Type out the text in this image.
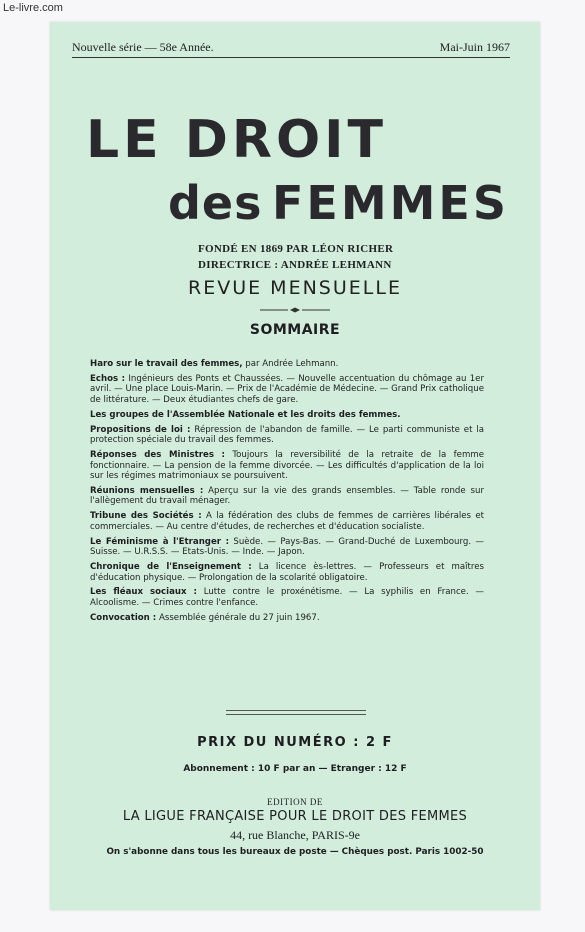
Le-livre.com
Nouvelle série — 58e Année.	Mai-Juin 1967
LE DROIT
des FEMMES
FONDÉ EN 1869 PAR LÉON RICHER
DIRECTRICE : ANDRÉE LEHMANN
REVUE MENSUELLE
SOMMAIRE
Haro sur le travail des femmes, par Andrée Lehmann.
Echos : Ingénieurs des Ponts et Chaussées. — Nouvelle accentuation du chômage au 1er avril. — Une place Louis-Marin. — Prix de l'Académie de Médecine. — Grand Prix catholique de littérature. — Deux étudiantes chefs de gare.
Les groupes de l'Assemblée Nationale et les droits des femmes.
Propositions de loi : Répression de l'abandon de famille. — Le parti communiste et la protection spéciale du travail des femmes.
Réponses des Ministres : Toujours la reversibilité de la retraite de la femme fonctionnaire. — La pension de la femme divorcée. — Les difficultés d'application de la loi sur les régimes matrimoniaux se poursuivent.
Réunions mensuelles : Aperçu sur la vie des grands ensembles. — Table ronde sur l'allègement du travail ménager.
Tribune des Sociétés : A la fédération des clubs de femmes de carrières libérales et commerciales. — Au centre d'études, de recherches et d'éducation socialiste.
Le Féminisme à l'Etranger : Suède. — Pays-Bas. — Grand-Duché de Luxembourg. — Suisse. — U.R.S.S. — Etats-Unis. — Inde. — Japon.
Chronique de l'Enseignement : La licence ès-lettres. — Professeurs et maîtres d'éducation physique. — Prolongation de la scolarité obligatoire.
Les fléaux sociaux : Lutte contre le proxénétisme. — La syphilis en France. — Alcoolisme. — Crimes contre l'enfance.
Convocation : Assemblée générale du 27 juin 1967.
PRIX DU NUMÉRO : 2 F
Abonnement : 10 F par an — Etranger : 12 F
EDITION DE
LA LIGUE FRANÇAISE POUR LE DROIT DES FEMMES
44, rue Blanche, PARIS-9e
On s'abonne dans tous les bureaux de poste — Chèques post. Paris 1002-50
